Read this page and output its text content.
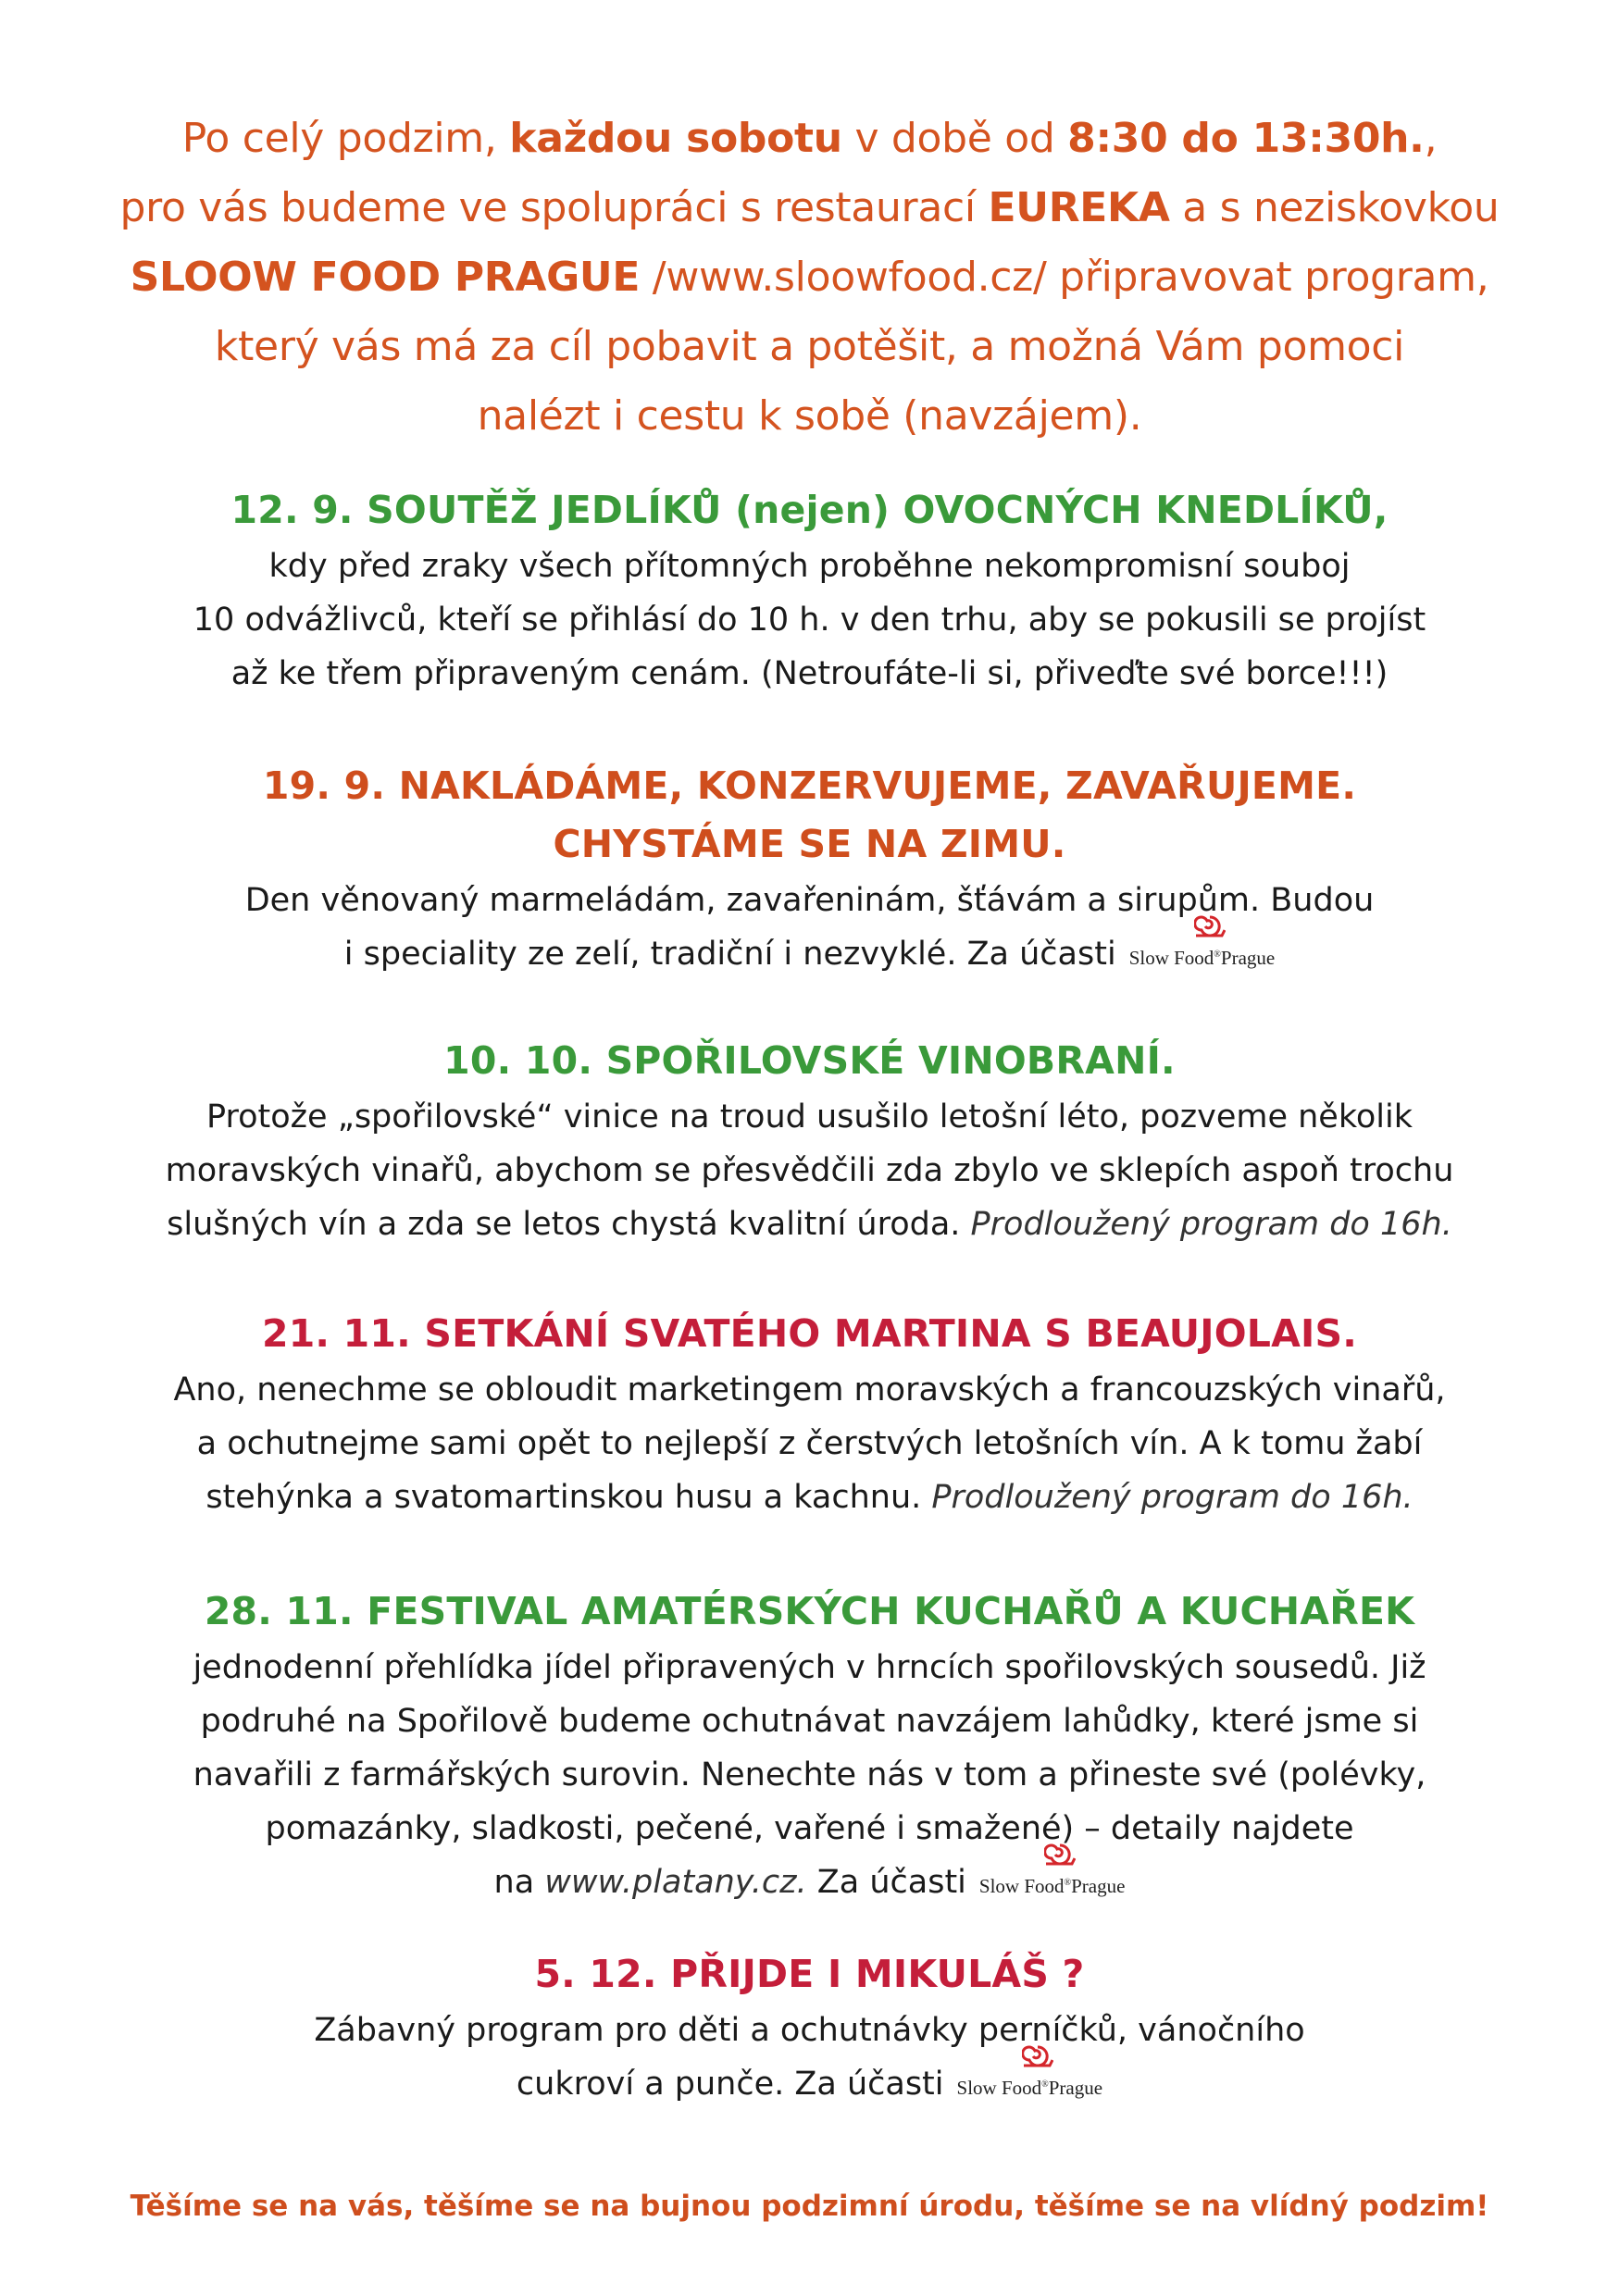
Po celý podzim, každou sobotu v době od 8:30 do 13:30h.,
pro vás budeme ve spolupráci s restaurací EUREKA a s neziskovkou
SLOOW FOOD PRAGUE /www.sloowfood.cz/ připravovat program,
který vás má za cíl pobavit a potěšit, a možná Vám pomoci
nalézt i cestu k sobě (navzájem).
12. 9. SOUTĚŽ JEDLÍKŮ (nejen) OVOCNÝCH KNEDLÍKŮ,
kdy před zraky všech přítomných proběhne nekompromisní souboj
10 odvážlivců, kteří se přihlásí do 10 h. v den trhu, aby se pokusili se projíst
až ke třem připraveným cenám. (Netroufáte-li si, přiveďte své borce!!!)
19. 9. NAKLÁDÁME, KONZERVUJEME, ZAVAŘUJEME.
CHYSTÁME SE NA ZIMU.
Den věnovaný marmeládám, zavařeninám, šťávám a sirupům. Budou
i speciality ze zelí, tradiční i nezvyklé. Za účasti Slow Food®Prague
10. 10. SPOŘILOVSKÉ VINOBRANÍ.
Protože „spořilovské“ vinice na troud usušilo letošní léto, pozveme několik
moravských vinařů, abychom se přesvědčili zda zbylo ve sklepích aspoň trochu
slušných vín a zda se letos chystá kvalitní úroda. Prodloužený program do 16h.
21. 11. SETKÁNÍ SVATÉHO MARTINA S BEAUJOLAIS.
Ano, nenechme se obloudit marketingem moravských a francouzských vinařů,
a ochutnejme sami opět to nejlepší z čerstvých letošních vín. A k tomu žabí
stehýnka a svatomartinskou husu a kachnu. Prodloužený program do 16h.
28. 11. FESTIVAL AMATÉRSKÝCH KUCHAŘŮ A KUCHAŘEK
jednodenní přehlídka jídel připravených v hrncích spořilovských sousedů. Již
podruhé na Spořilově budeme ochutnávat navzájem lahůdky, které jsme si
navařili z farmářských surovin. Nenechte nás v tom a přineste své (polévky,
pomazánky, sladkosti, pečené, vařené i smažené) – detaily najdete
na www.platany.cz. Za účasti Slow Food®Prague
5. 12. PŘIJDE I MIKULÁŠ ?
Zábavný program pro děti a ochutnávky perníčků, vánočního
cukroví a punče. Za účasti Slow Food®Prague
Těšíme se na vás, těšíme se na bujnou podzimní úrodu, těšíme se na vlídný podzim!
